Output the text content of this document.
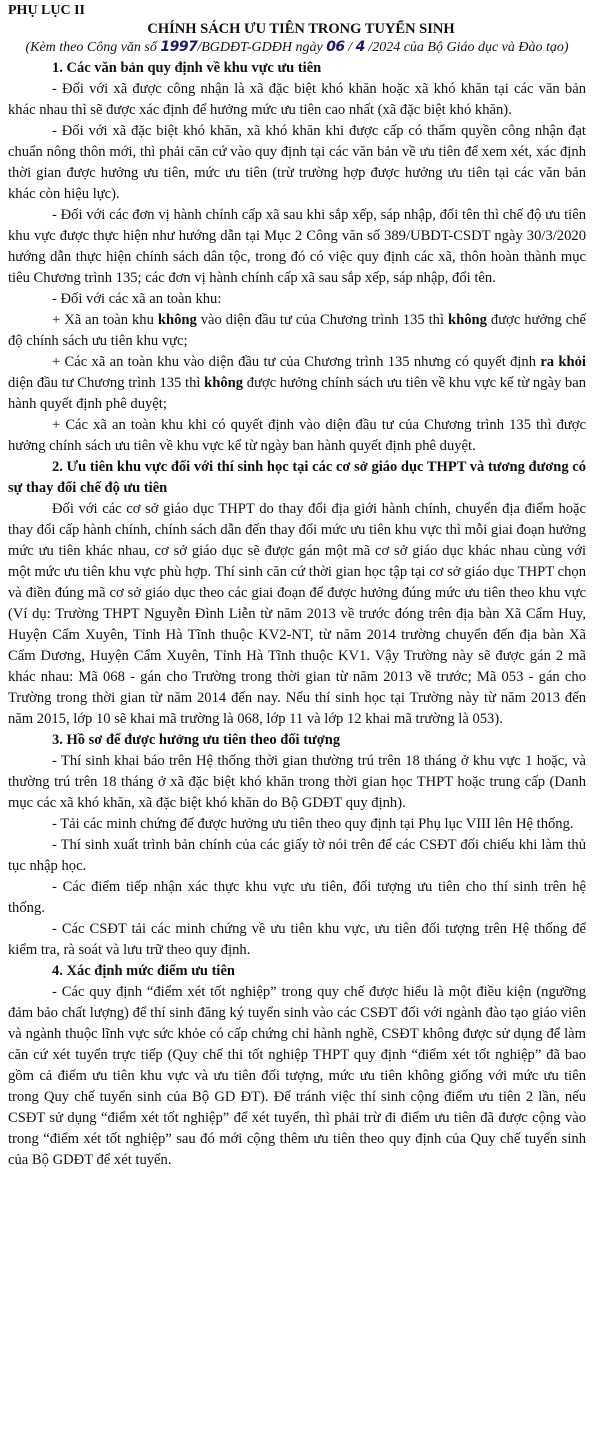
PHỤ LỤC II

CHÍNH SÁCH ƯU TIÊN TRONG TUYỂN SINH

(Kèm theo Công văn số 1997/BGDĐT-GDĐH ngày 06 / 4 /2024 của Bộ Giáo dục và Đào tạo)

1. Các văn bản quy định về khu vực ưu tiên

- Đối với xã được công nhận là xã đặc biệt khó khăn hoặc xã khó khăn tại các văn bản khác nhau thì sẽ được xác định để hưởng mức ưu tiên cao nhất (xã đặc biệt khó khăn).

- Đối với xã đặc biệt khó khăn, xã khó khăn khi được cấp có thẩm quyền công nhận đạt chuẩn nông thôn mới, thì phải căn cứ vào quy định tại các văn bản về ưu tiên để xem xét, xác định thời gian được hưởng ưu tiên, mức ưu tiên (trừ trường hợp được hưởng ưu tiên tại các văn bản khác còn hiệu lực).

- Đối với các đơn vị hành chính cấp xã sau khi sắp xếp, sáp nhập, đổi tên thì chế độ ưu tiên khu vực được thực hiện như hướng dẫn tại Mục 2 Công văn số 389/UBDT-CSDT ngày 30/3/2020 hướng dẫn thực hiện chính sách dân tộc, trong đó có việc quy định các xã, thôn hoàn thành mục tiêu Chương trình 135; các đơn vị hành chính cấp xã sau sắp xếp, sáp nhập, đổi tên.

- Đối với các xã an toàn khu:

+ Xã an toàn khu không vào diện đầu tư của Chương trình 135 thì không được hưởng chế độ chính sách ưu tiên khu vực;

+ Các xã an toàn khu vào diện đầu tư của Chương trình 135 nhưng có quyết định ra khỏi diện đầu tư Chương trình 135 thì không được hưởng chính sách ưu tiên về khu vực kể từ ngày ban hành quyết định phê duyệt;

+ Các xã an toàn khu khi có quyết định vào diện đầu tư của Chương trình 135 thì được hưởng chính sách ưu tiên về khu vực kể từ ngày ban hành quyết định phê duyệt.

2. Ưu tiên khu vực đối với thí sinh học tại các cơ sở giáo dục THPT và tương đương có sự thay đổi chế độ ưu tiên

Đối với các cơ sở giáo dục THPT do thay đổi địa giới hành chính, chuyển địa điểm hoặc thay đổi cấp hành chính, chính sách dẫn đến thay đổi mức ưu tiên khu vực thì mỗi giai đoạn hưởng mức ưu tiên khác nhau, cơ sở giáo dục sẽ được gán một mã cơ sở giáo dục khác nhau cùng với một mức ưu tiên khu vực phù hợp. Thí sinh căn cứ thời gian học tập tại cơ sở giáo dục THPT chọn và điền đúng mã cơ sở giáo dục theo các giai đoạn để được hưởng đúng mức ưu tiên theo khu vực (Ví dụ: Trường THPT Nguyễn Đình Liễn từ năm 2013 về trước đóng trên địa bàn Xã Cẩm Huy, Huyện Cẩm Xuyên, Tỉnh Hà Tĩnh thuộc KV2-NT, từ năm 2014 trường chuyển đến địa bàn Xã Cẩm Dương, Huyện Cẩm Xuyên, Tỉnh Hà Tĩnh thuộc KV1. Vậy Trường này sẽ được gán 2 mã khác nhau: Mã 068 - gán cho Trường trong thời gian từ năm 2013 về trước; Mã 053 - gán cho Trường trong thời gian từ năm 2014 đến nay. Nếu thí sinh học tại Trường này từ năm 2013 đến năm 2015, lớp 10 sẽ khai mã trường là 068, lớp 11 và lớp 12 khai mã trường là 053).

3. Hồ sơ để được hưởng ưu tiên theo đối tượng

- Thí sinh khai báo trên Hệ thống thời gian thường trú trên 18 tháng ở khu vực 1 hoặc, và thường trú trên 18 tháng ở xã đặc biệt khó khăn trong thời gian học THPT hoặc trung cấp (Danh mục các xã khó khăn, xã đặc biệt khó khăn do Bộ GDĐT quy định).

- Tải các minh chứng để được hưởng ưu tiên theo quy định tại Phụ lục VIII lên Hệ thống.

- Thí sinh xuất trình bản chính của các giấy tờ nói trên để các CSĐT đối chiếu khi làm thủ tục nhập học.

- Các điểm tiếp nhận xác thực khu vực ưu tiên, đối tượng ưu tiên cho thí sinh trên hệ thống.

- Các CSĐT tải các minh chứng về ưu tiên khu vực, ưu tiên đối tượng trên Hệ thống để kiểm tra, rà soát và lưu trữ theo quy định.

4. Xác định mức điểm ưu tiên

- Các quy định “điểm xét tốt nghiệp” trong quy chế được hiểu là một điều kiện (ngưỡng đảm bảo chất lượng) để thí sinh đăng ký tuyển sinh vào các CSĐT đối với ngành đào tạo giáo viên và ngành thuộc lĩnh vực sức khỏe có cấp chứng chỉ hành nghề, CSĐT không được sử dụng để làm căn cứ xét tuyển trực tiếp (Quy chế thi tốt nghiệp THPT quy định “điểm xét tốt nghiệp” đã bao gồm cả điểm ưu tiên khu vực và ưu tiên đối tượng, mức ưu tiên không giống với mức ưu tiên trong Quy chế tuyển sinh của Bộ GD ĐT). Để tránh việc thí sinh cộng điểm ưu tiên 2 lần, nếu CSĐT sử dụng “điểm xét tốt nghiệp” để xét tuyển, thì phải trừ đi điểm ưu tiên đã được cộng vào trong “điểm xét tốt nghiệp” sau đó mới cộng thêm ưu tiên theo quy định của Quy chế tuyển sinh của Bộ GDĐT để xét tuyển.
